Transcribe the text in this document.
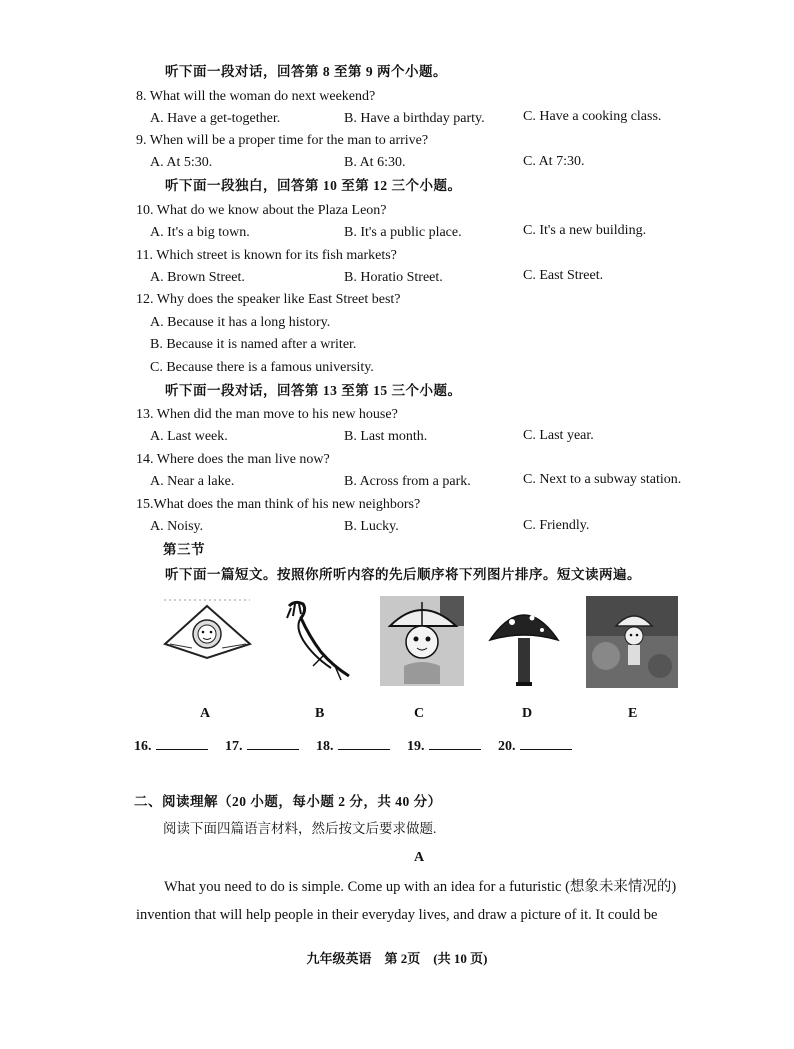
听下面一段对话，回答第 8 至第 9 两个小题。
8. What will the woman do next weekend?
A. Have a get-together.	B. Have a birthday party.	C. Have a cooking class.
9. When will be a proper time for the man to arrive?
A. At 5:30.	B. At 6:30.	C. At 7:30.
听下面一段独白，回答第 10 至第 12 三个小题。
10. What do we know about the Plaza Leon?
A. It's a big town.	B. It's a public place.	C. It's a new building.
11. Which street is known for its fish markets?
A. Brown Street.	B. Horatio Street.	C. East Street.
12. Why does the speaker like East Street best?
A. Because it has a long history.
B. Because it is named after a writer.
C. Because there is a famous university.
听下面一段对话，回答第 13 至第 15 三个小题。
13. When did the man move to his new house?
A. Last week.	B. Last month.	C. Last year.
14. Where does the man live now?
A. Near a lake.	B. Across from a park.	C. Next to a subway station.
15.What does the man think of his new neighbors?
A. Noisy.	B. Lucky.	C. Friendly.
第三节
听下面一篇短文。按照你所听内容的先后顺序将下列图片排序。短文读两遍。
A	B	C	D	E
16.	17.	18.	19.	20.
二、阅读理解（20 小题，每小题 2 分，共 40 分）
阅读下面四篇语言材料，然后按文后要求做题.
A
What you need to do is simple. Come up with an idea for a futuristic (想象未来情况的)
invention that will help people in their everyday lives, and draw a picture of it. It could be
九年级英语　第 2页　(共 10 页)
